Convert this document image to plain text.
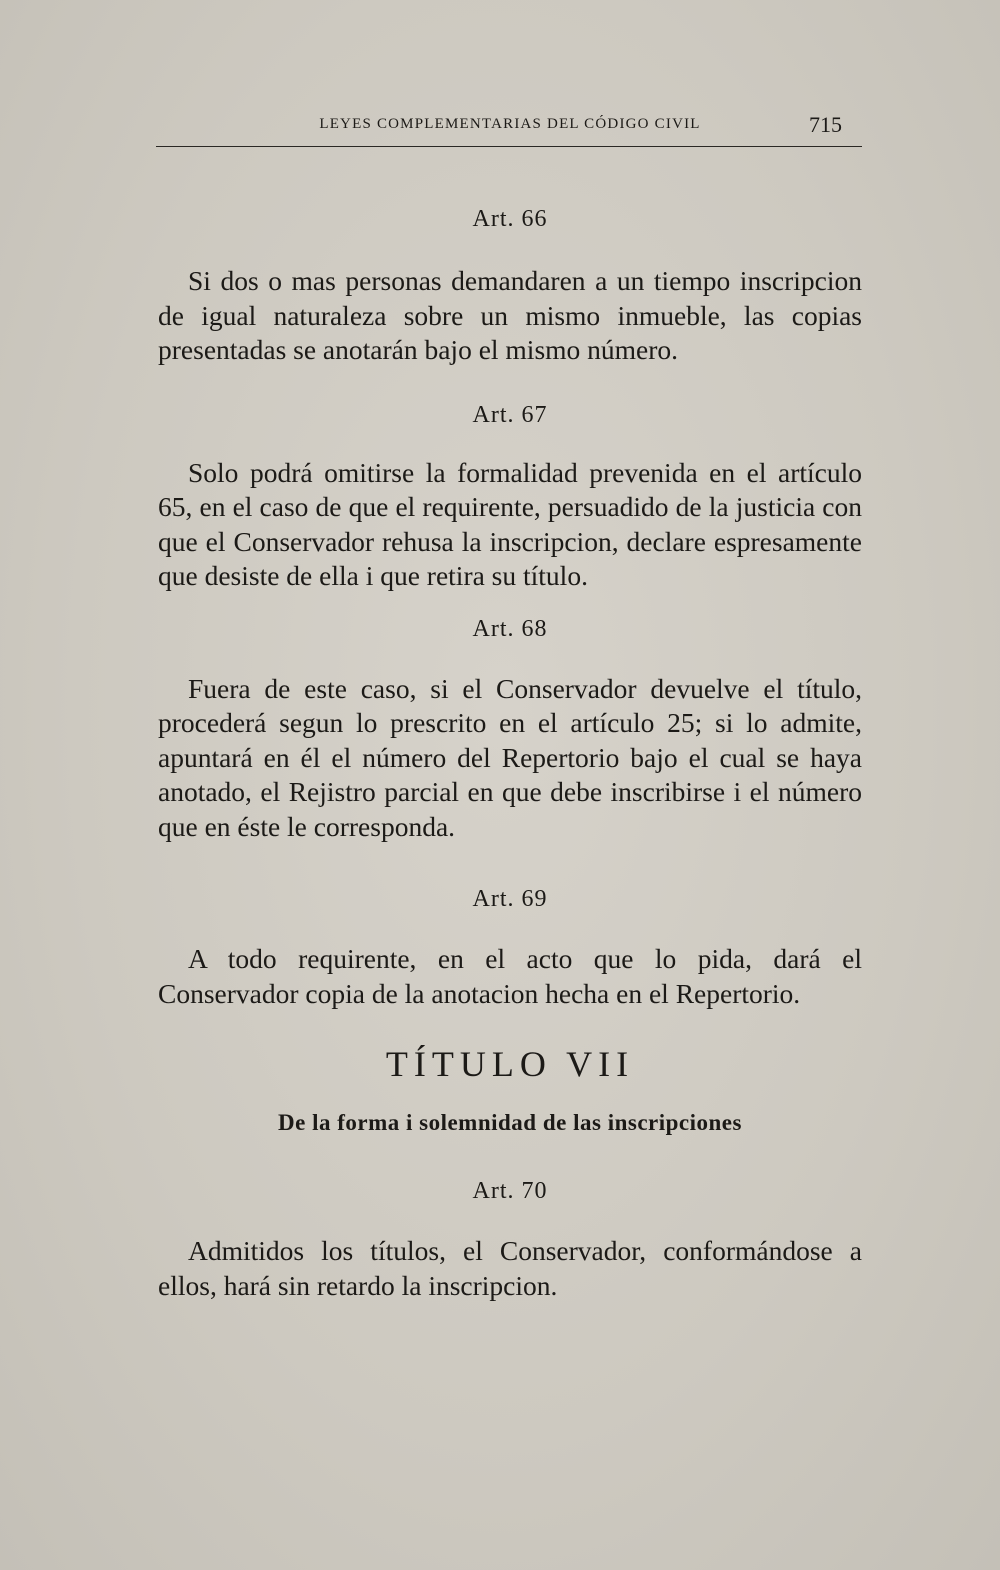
LEYES COMPLEMENTARIAS DEL CÓDIGO CIVIL	715

Art. 66

Si dos o mas personas demandaren a un tiempo inscripcion de igual naturaleza sobre un mismo inmueble, las copias presentadas se anotarán bajo el mismo número.

Art. 67

Solo podrá omitirse la formalidad prevenida en el artículo 65, en el caso de que el requirente, persuadido de la justicia con que el Conservador rehusa la inscripcion, declare espresamente que desiste de ella i que retira su título.

Art. 68

Fuera de este caso, si el Conservador devuelve el título, procederá segun lo prescrito en el artículo 25; si lo admite, apuntará en él el número del Repertorio bajo el cual se haya anotado, el Rejistro parcial en que debe inscribirse i el número que en éste le corresponda.

Art. 69

A todo requirente, en el acto que lo pida, dará el Conservador copia de la anotacion hecha en el Repertorio.

TÍTULO VII

De la forma i solemnidad de las inscripciones

Art. 70

Admitidos los títulos, el Conservador, conformándose a ellos, hará sin retardo la inscripcion.
